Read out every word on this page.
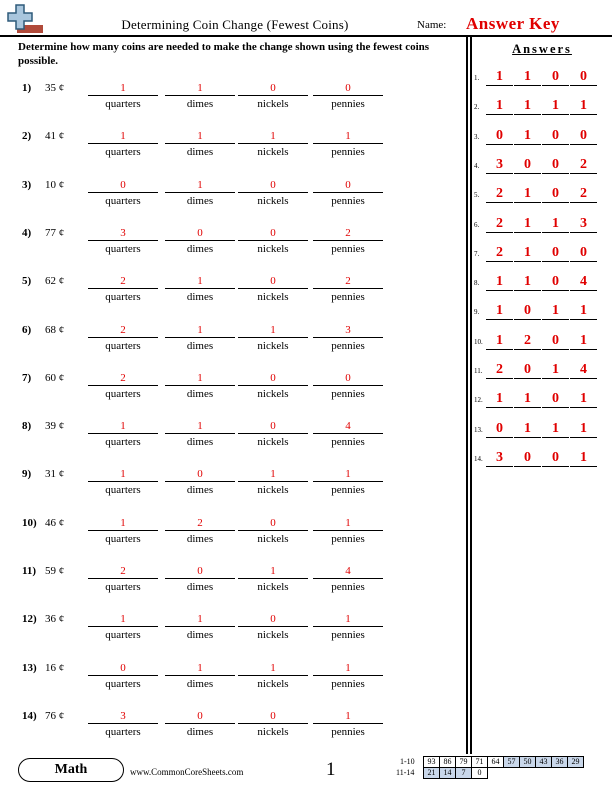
Determining Coin Change (Fewest Coins)	Name: Answer Key
Determine how many coins are needed to make the change shown using the fewest coins possible.
1) 35 ¢	1
quarters
1
dimes
0
nickels
0
pennies
2) 41 ¢	1
quarters
1
dimes
1
nickels
1
pennies
3) 10 ¢	0
quarters
1
dimes
0
nickels
0
pennies
4) 77 ¢	3
quarters
0
dimes
0
nickels
2
pennies
5) 62 ¢	2
quarters
1
dimes
0
nickels
2
pennies
6) 68 ¢	2
quarters
1
dimes
1
nickels
3
pennies
7) 60 ¢	2
quarters
1
dimes
0
nickels
0
pennies
8) 39 ¢	1
quarters
1
dimes
0
nickels
4
pennies
9) 31 ¢	1
quarters
0
dimes
1
nickels
1
pennies
10) 46 ¢	1
quarters
2
dimes
0
nickels
1
pennies
11) 59 ¢	2
quarters
0
dimes
1
nickels
4
pennies
12) 36 ¢	1
quarters
1
dimes
0
nickels
1
pennies
13) 16 ¢	0
quarters
1
dimes
1
nickels
1
pennies
14) 76 ¢	3
quarters
0
dimes
0
nickels
1
pennies
Answers
1.	1	1	0	0
2.	1	1	1	1
3.	0	1	0	0
4.	3	0	0	2
5.	2	1	0	2
6.	2	1	1	3
7.	2	1	0	0
8.	1	1	0	4
9.	1	0	1	1
10. 1	2	0	1
11. 2	0	1	4
12. 1	1	0	1
13. 0	1	1	1
14. 3	0	0	1
Math	www.CommonCoreSheets.com	1	1-10
11-14
93	86	79	71	64	57	50	43	36	29
21	14	7	0						
